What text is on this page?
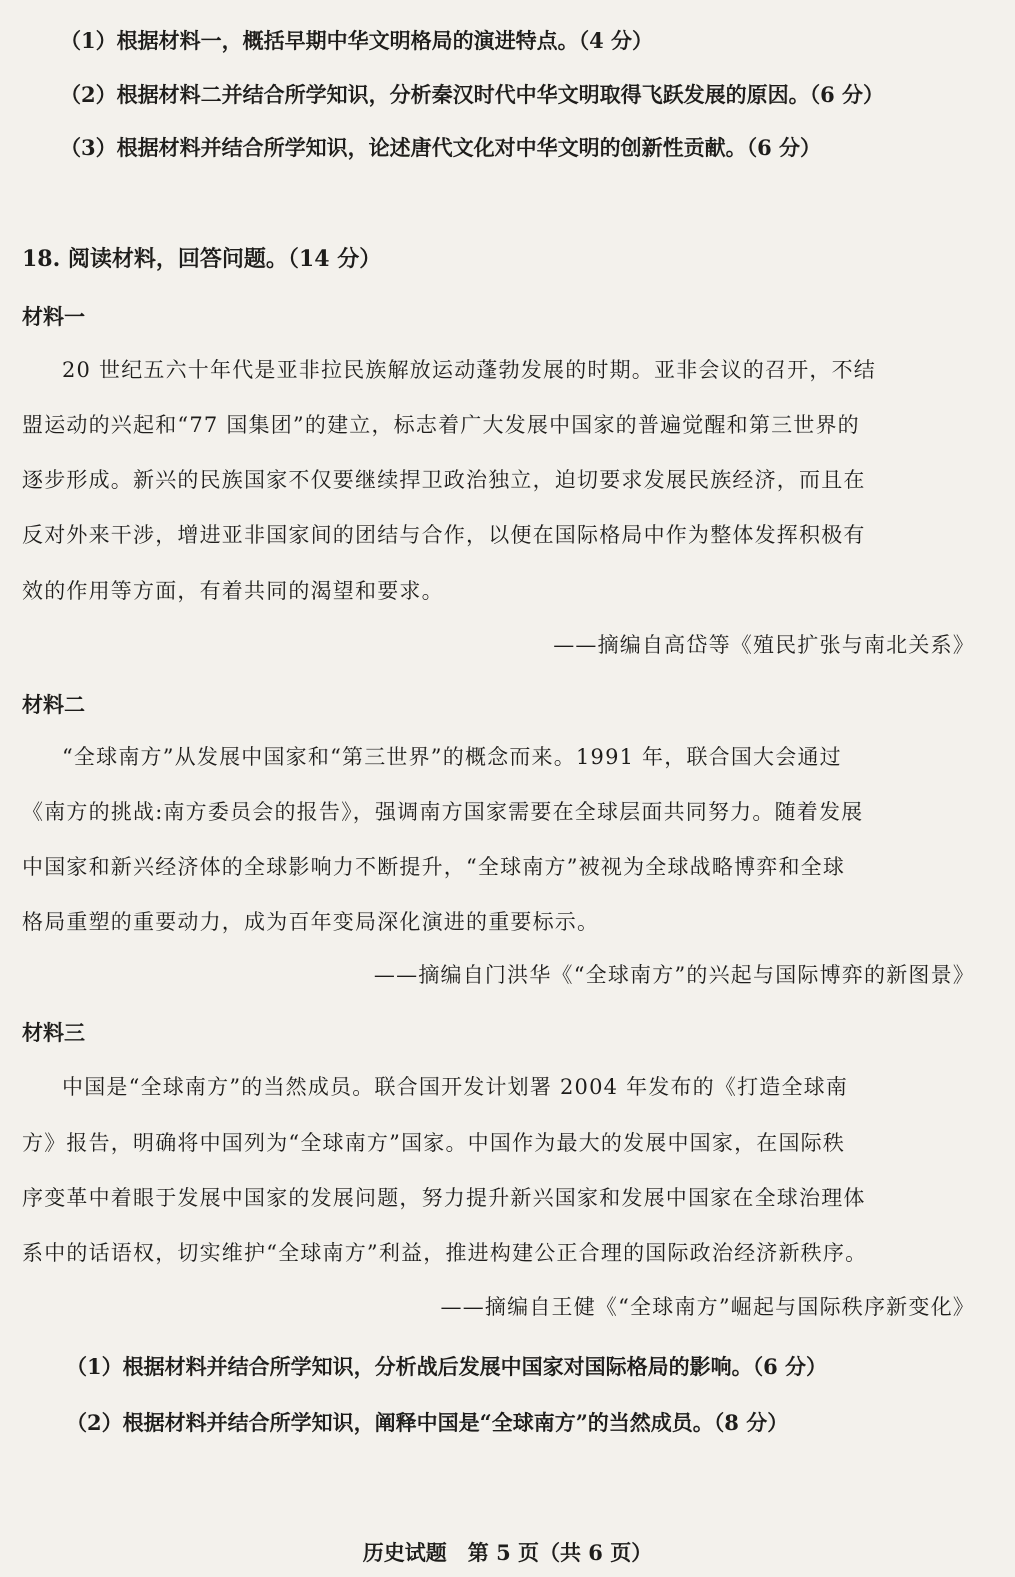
（1）根据材料一，概括早期中华文明格局的演进特点。（4 分）
（2）根据材料二并结合所学知识，分析秦汉时代中华文明取得飞跃发展的原因。（6 分）
（3）根据材料并结合所学知识，论述唐代文化对中华文明的创新性贡献。（6 分）
18. 阅读材料，回答问题。（14 分）
材料一
20 世纪五六十年代是亚非拉民族解放运动蓬勃发展的时期。亚非会议的召开，不结
盟运动的兴起和“77 国集团”的建立，标志着广大发展中国家的普遍觉醒和第三世界的
逐步形成。新兴的民族国家不仅要继续捍卫政治独立，迫切要求发展民族经济，而且在
反对外来干涉，增进亚非国家间的团结与合作，以便在国际格局中作为整体发挥积极有
效的作用等方面，有着共同的渴望和要求。
——摘编自高岱等《殖民扩张与南北关系》
材料二
“全球南方”从发展中国家和“第三世界”的概念而来。1991 年，联合国大会通过
《南方的挑战:南方委员会的报告》，强调南方国家需要在全球层面共同努力。随着发展
中国家和新兴经济体的全球影响力不断提升，“全球南方”被视为全球战略博弈和全球
格局重塑的重要动力，成为百年变局深化演进的重要标示。
——摘编自门洪华《“全球南方”的兴起与国际博弈的新图景》
材料三
中国是“全球南方”的当然成员。联合国开发计划署 2004 年发布的《打造全球南
方》报告，明确将中国列为“全球南方”国家。中国作为最大的发展中国家，在国际秩
序变革中着眼于发展中国家的发展问题，努力提升新兴国家和发展中国家在全球治理体
系中的话语权，切实维护“全球南方”利益，推进构建公正合理的国际政治经济新秩序。
——摘编自王健《“全球南方”崛起与国际秩序新变化》
（1）根据材料并结合所学知识，分析战后发展中国家对国际格局的影响。（6 分）
（2）根据材料并结合所学知识，阐释中国是“全球南方”的当然成员。（8 分）
历史试题　第 5 页（共 6 页）
